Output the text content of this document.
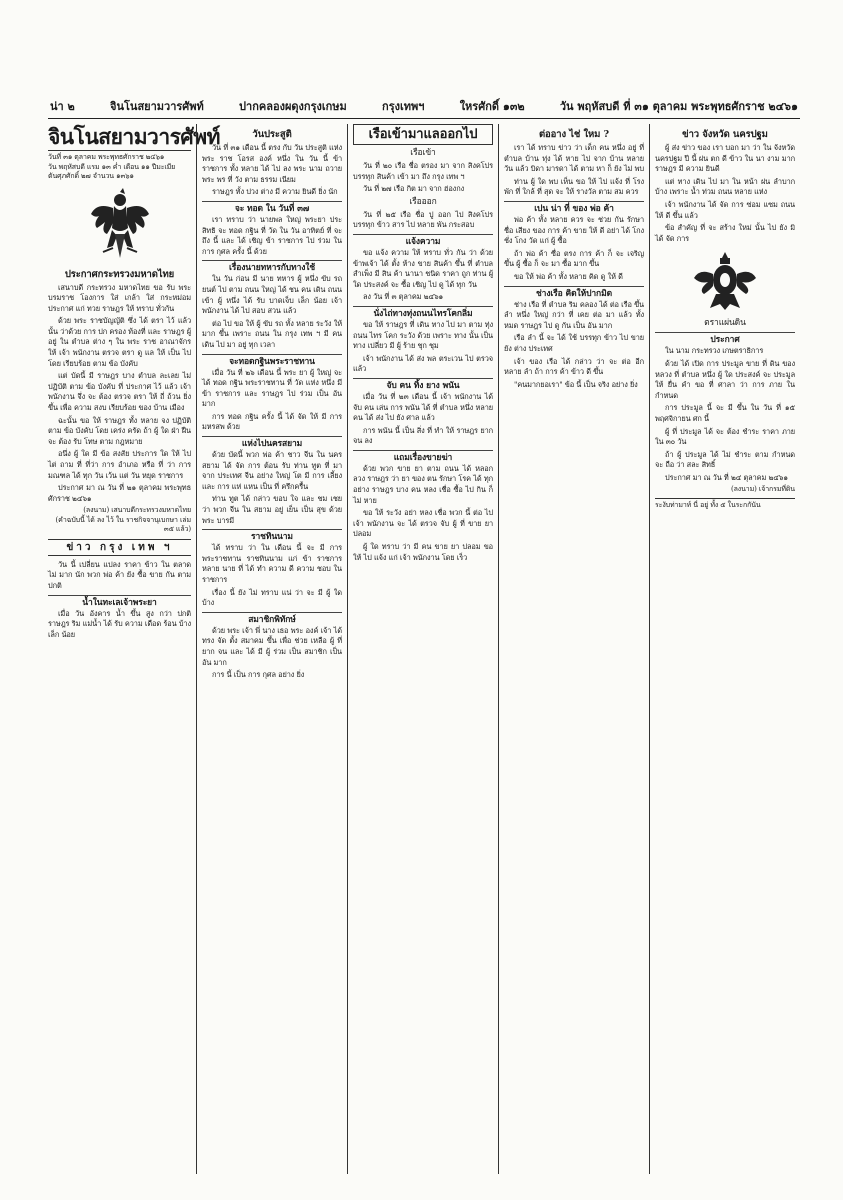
น่า ๒	จินโนสยามวารศัพท์	ปากคลองผดุงกรุงเกษม	กรุงเทพฯ	ใหรศักดิ์ ๑๓๒	วัน พฤหัสบดี ที่ ๓๑ ตุลาคม พระพุทธศักราช ๒๔๖๑
จินโนสยามวารศัพท์
วันที่ ๓๑ ตุลาคม พระพุทธศักราช ๒๔๖๑
วัน พฤหัสบดี แรม ๑๓ ค่ำ เดือน ๑๑ ปีมะเมีย
ตันศุภศักดิ์ ๒๗ จำนวน ๑๓๖๑
ประกาศกระทรวงมหาดไทย

เสนาบดี กระทรวง มหาดไทย ขอ รับ พระ บรมราช โองการ ใส่ เกล้า ใส่ กระหม่อม ประกาศ แก่ ทวย ราษฎร ให้ ทราบ ทั่วกัน

ด้วย พระ ราชบัญญัติ ซึ่ง ได้ ตรา ไว้ แล้ว นั้น ว่าด้วย การ ปก ครอง ท้องที่ และ ราษฎร ผู้ อยู่ ใน ตำบล ต่าง ๆ ใน พระ ราช อาณาจักร ให้ เจ้า พนักงาน ตรวจ ตรา ดู แล ให้ เป็น ไป โดย เรียบร้อย ตาม ข้อ บังคับ

แต่ บัดนี้ มี ราษฎร บาง ตำบล ละเลย ไม่ ปฏิบัติ ตาม ข้อ บังคับ ที่ ประกาศ ไว้ แล้ว เจ้า พนักงาน จึ่ง จะ ต้อง ตรวจ ตรา ให้ ถี่ ถ้วน ยิ่ง ขึ้น เพื่อ ความ สงบ เรียบร้อย ของ บ้าน เมือง

ฉะนั้น ขอ ให้ ราษฎร ทั้ง หลาย จง ปฏิบัติ ตาม ข้อ บังคับ โดย เคร่ง ครัด ถ้า ผู้ ใด ฝ่า ฝืน จะ ต้อง รับ โทษ ตาม กฎหมาย

อนึ่ง ผู้ ใด มี ข้อ สงสัย ประการ ใด ให้ ไป ไต่ ถาม ที่ ที่ว่า การ อำเภอ หรือ ที่ ว่า การ มณฑล ได้ ทุก วัน เว้น แต่ วัน หยุด ราชการ

ประกาศ มา ณ วัน ที่ ๒๑ ตุลาคม พระพุทธศักราช ๒๔๖๑

(ลงนาม) เสนาบดีกระทรวงมหาดไทย
(คำฉบับนี้ ได้ ลง ไว้ ใน ราชกิจจานุเบกษา เล่ม ๓๕ แล้ว)
ข่าว กรุง เทพ ฯ

วัน นี้ เปลี่ยน แปลง ราคา ข้าว ใน ตลาด ไม่ มาก นัก พวก พ่อ ค้า ยัง ซื้อ ขาย กัน ตาม ปกติ

น้ำในทะเลเจ้าพระยา

เมื่อ วัน อังคาร น้ำ ขึ้น สูง กว่า ปกติ ราษฎร ริม แม่น้ำ ได้ รับ ความ เดือด ร้อน บ้าง เล็ก น้อย

วันประสูติ

วัน ที่ ๓๑ เดือน นี้ ตรง กับ วัน ประสูติ แห่ง พระ ราช โอรส องค์ หนึ่ง ใน วัน นี้ ข้า ราชการ ทั้ง หลาย ได้ ไป ลง พระ นาม ถวาย พระ พร ที่ วัง ตาม ธรรม เนียม

ราษฎร ทั้ง ปวง ต่าง มี ความ ยินดี ยิ่ง นัก

จะ ทอด ใน วันที่ ๓๗

เรา ทราบ ว่า นายพล ใหญ่ พระยา ประสิทธิ จะ ทอด กฐิน ที่ วัด ใน วัน อาทิตย์ ที่ จะ ถึง นี้ และ ได้ เชิญ ข้า ราชการ ไป ร่วม ใน การ กุศล ครั้ง นี้ ด้วย

เรื่องนายทหารกับทางใช้

ใน วัน ก่อน มี นาย ทหาร ผู้ หนึ่ง ขับ รถ ยนต์ ไป ตาม ถนน ใหญ่ ได้ ชน คน เดิน ถนน เข้า ผู้ หนึ่ง ได้ รับ บาดเจ็บ เล็ก น้อย เจ้า พนักงาน ได้ ไป สอบ สวน แล้ว

ต่อ ไป ขอ ให้ ผู้ ขับ รถ ทั้ง หลาย ระวัง ให้ มาก ขึ้น เพราะ ถนน ใน กรุง เทพ ฯ มี คน เดิน ไป มา อยู่ ทุก เวลา

จะทอดกฐินพระราชทาน

เมื่อ วัน ที่ ๒๖ เดือน นี้ พระ ยา ผู้ ใหญ่ จะ ได้ ทอด กฐิน พระราชทาน ที่ วัด แห่ง หนึ่ง มี ข้า ราชการ และ ราษฎร ไป ร่วม เป็น อัน มาก

การ ทอด กฐิน ครั้ง นี้ ได้ จัด ให้ มี การ มหรสพ ด้วย

แห่งไปนครสยาม

ด้วย บัดนี้ พวก พ่อ ค้า ชาว จีน ใน นคร สยาม ได้ จัด การ ต้อน รับ ท่าน ทูต ที่ มา จาก ประเทศ จีน อย่าง ใหญ่ โต มี การ เลี้ยง และ การ แห่ แหน เป็น ที่ ครึกครื้น

ท่าน ทูต ได้ กล่าว ขอบ ใจ และ ชม เชย ว่า พวก จีน ใน สยาม อยู่ เย็น เป็น สุข ด้วย พระ บารมี

ราชทินนาม

ได้ ทราบ ว่า ใน เดือน นี้ จะ มี การ พระราชทาน ราชทินนาม แก่ ข้า ราชการ หลาย นาย ที่ ได้ ทำ ความ ดี ความ ชอบ ใน ราชการ

เรื่อง นี้ ยัง ไม่ ทราบ แน่ ว่า จะ มี ผู้ ใด บ้าง

สมาชิกพิทักษ์

ด้วย พระ เจ้า พี่ นาง เธอ พระ องค์ เจ้า ได้ ทรง จัด ตั้ง สมาคม ขึ้น เพื่อ ช่วย เหลือ ผู้ ที่ ยาก จน และ ได้ มี ผู้ ร่วม เป็น สมาชิก เป็น อัน มาก

การ นี้ เป็น การ กุศล อย่าง ยิ่ง

เรือเข้ามาแลออกไป
เรือเข้า

วัน ที่ ๒๐ เรือ ชื่อ ตรอง มา จาก สิงคโปร บรรทุก สินค้า เข้า มา ถึง กรุง เทพ ฯ

วัน ที่ ๒๗ เรือ กิต มา จาก ฮ่องกง

เรือออก

วัน ที่ ๒๕ เรือ ชื่อ ปู ออก ไป สิงคโปร บรรทุก ข้าว สาร ไป หลาย พัน กระสอบ

แจ้งความ

ขอ แจ้ง ความ ให้ ทราบ ทั่ว กัน ว่า ด้วย ข้าพเจ้า ได้ ตั้ง ห้าง ขาย สินค้า ขึ้น ที่ ตำบล สำเพ็ง มี สิน ค้า นานา ชนิด ราคา ถูก ท่าน ผู้ ใด ประสงค์ จะ ซื้อ เชิญ ไป ดู ได้ ทุก วัน

ลง วัน ที่ ๓ ตุลาคม ๒๔๖๑

นั่งไถ่ทางทุ่งถนนไทรโคกลิ่ม

ขอ ให้ ราษฎร ที่ เดิน ทาง ไป มา ตาม ทุ่ง ถนน ไทร โคก ระวัง ด้วย เพราะ ทาง นั้น เป็น ทาง เปลี่ยว มี ผู้ ร้าย ชุก ชุม

เจ้า พนักงาน ได้ ส่ง พล ตระเวน ไป ตรวจ แล้ว

จับ คน ทิ้ง ยาง พนัน

เมื่อ วัน ที่ ๒๓ เดือน นี้ เจ้า พนักงาน ได้ จับ คน เล่น การ พนัน ได้ ที่ ตำบล หนึ่ง หลาย คน ได้ ส่ง ไป ยัง ศาล แล้ว

การ พนัน นี้ เป็น สิ่ง ที่ ทำ ให้ ราษฎร ยาก จน ลง

แถมเรื่องขายฆ่า

ด้วย พวก ขาย ยา ตาม ถนน ได้ หลอก ลวง ราษฎร ว่า ยา ของ ตน รักษา โรค ได้ ทุก อย่าง ราษฎร บาง คน หลง เชื่อ ซื้อ ไป กิน ก็ ไม่ หาย

ขอ ให้ ระวัง อย่า หลง เชื่อ พวก นี้ ต่อ ไป เจ้า พนักงาน จะ ได้ ตรวจ จับ ผู้ ที่ ขาย ยา ปลอม

ผู้ ใด ทราบ ว่า มี คน ขาย ยา ปลอม ขอ ให้ ไป แจ้ง แก่ เจ้า พนักงาน โดย เร็ว

ต่ออาง ไช่ ใหม ?

เรา ได้ ทราบ ข่าว ว่า เด็ก คน หนึ่ง อยู่ ที่ ตำบล บ้าน ทุ่ง ได้ หาย ไป จาก บ้าน หลาย วัน แล้ว บิดา มารดา ได้ ตาม หา ก็ ยัง ไม่ พบ

ท่าน ผู้ ใด พบ เห็น ขอ ให้ ไป แจ้ง ที่ โรง พัก ที่ ใกล้ ที่ สุด จะ ให้ รางวัล ตาม สม ควร

เปน น่า ที่ ของ พ่อ ค้า

พ่อ ค้า ทั้ง หลาย ควร จะ ช่วย กัน รักษา ชื่อ เสียง ของ การ ค้า ขาย ให้ ดี อย่า ได้ โกง ชั่ง โกง วัด แก่ ผู้ ซื้อ

ถ้า พ่อ ค้า ซื่อ ตรง การ ค้า ก็ จะ เจริญ ขึ้น ผู้ ซื้อ ก็ จะ มา ซื้อ มาก ขึ้น

ขอ ให้ พ่อ ค้า ทั้ง หลาย คิด ดู ให้ ดี

ช่างเรือ คิดให้ปากมิด

ช่าง เรือ ที่ ตำบล ริม คลอง ได้ ต่อ เรือ ขึ้น ลำ หนึ่ง ใหญ่ กว่า ที่ เคย ต่อ มา แล้ว ทั้ง หมด ราษฎร ไป ดู กัน เป็น อัน มาก

เรือ ลำ นี้ จะ ได้ ใช้ บรรทุก ข้าว ไป ขาย ยัง ต่าง ประเทศ

เจ้า ของ เรือ ได้ กล่าว ว่า จะ ต่อ อีก หลาย ลำ ถ้า การ ค้า ข้าว ดี ขึ้น

"คนมากยอเรา" ข้อ นี้ เป็น จริง อย่าง ยิ่ง

ข่าว จังหวัด นครปฐม

ผู้ ส่ง ข่าว ของ เรา บอก มา ว่า ใน จังหวัด นครปฐม ปี นี้ ฝน ตก ดี ข้าว ใน นา งาม มาก ราษฎร มี ความ ยินดี

แต่ ทาง เดิน ไป มา ใน หน้า ฝน ลำบาก บ้าง เพราะ น้ำ ท่วม ถนน หลาย แห่ง

เจ้า พนักงาน ได้ จัด การ ซ่อม แซม ถนน ให้ ดี ขึ้น แล้ว

ข้อ สำคัญ ที่ จะ สร้าง ใหม่ นั้น ไป ยัง มิ ได้ จัด การ

ตราแผ่นดิน
ประกาศ

ใน นาม กระทรวง เกษตราธิการ

ด้วย ได้ เปิด การ ประมูล ขาย ที่ ดิน ของ หลวง ที่ ตำบล หนึ่ง ผู้ ใด ประสงค์ จะ ประมูล ให้ ยื่น คำ ขอ ที่ ศาลา ว่า การ ภาย ใน กำหนด

การ ประมูล นี้ จะ มี ขึ้น ใน วัน ที่ ๑๕ พฤศจิกายน ศก นี้

ผู้ ที่ ประมูล ได้ จะ ต้อง ชำระ ราคา ภาย ใน ๓๐ วัน

ถ้า ผู้ ประมูล ได้ ไม่ ชำระ ตาม กำหนด จะ ถือ ว่า สละ สิทธิ์

ประกาศ มา ณ วัน ที่ ๒๔ ตุลาคม ๒๔๖๑

(ลงนาม) เจ้ากรมที่ดิน
ระงับท่ามาท์ นี่ อยู่ ทั้ง ๕ ในระกกันัน
